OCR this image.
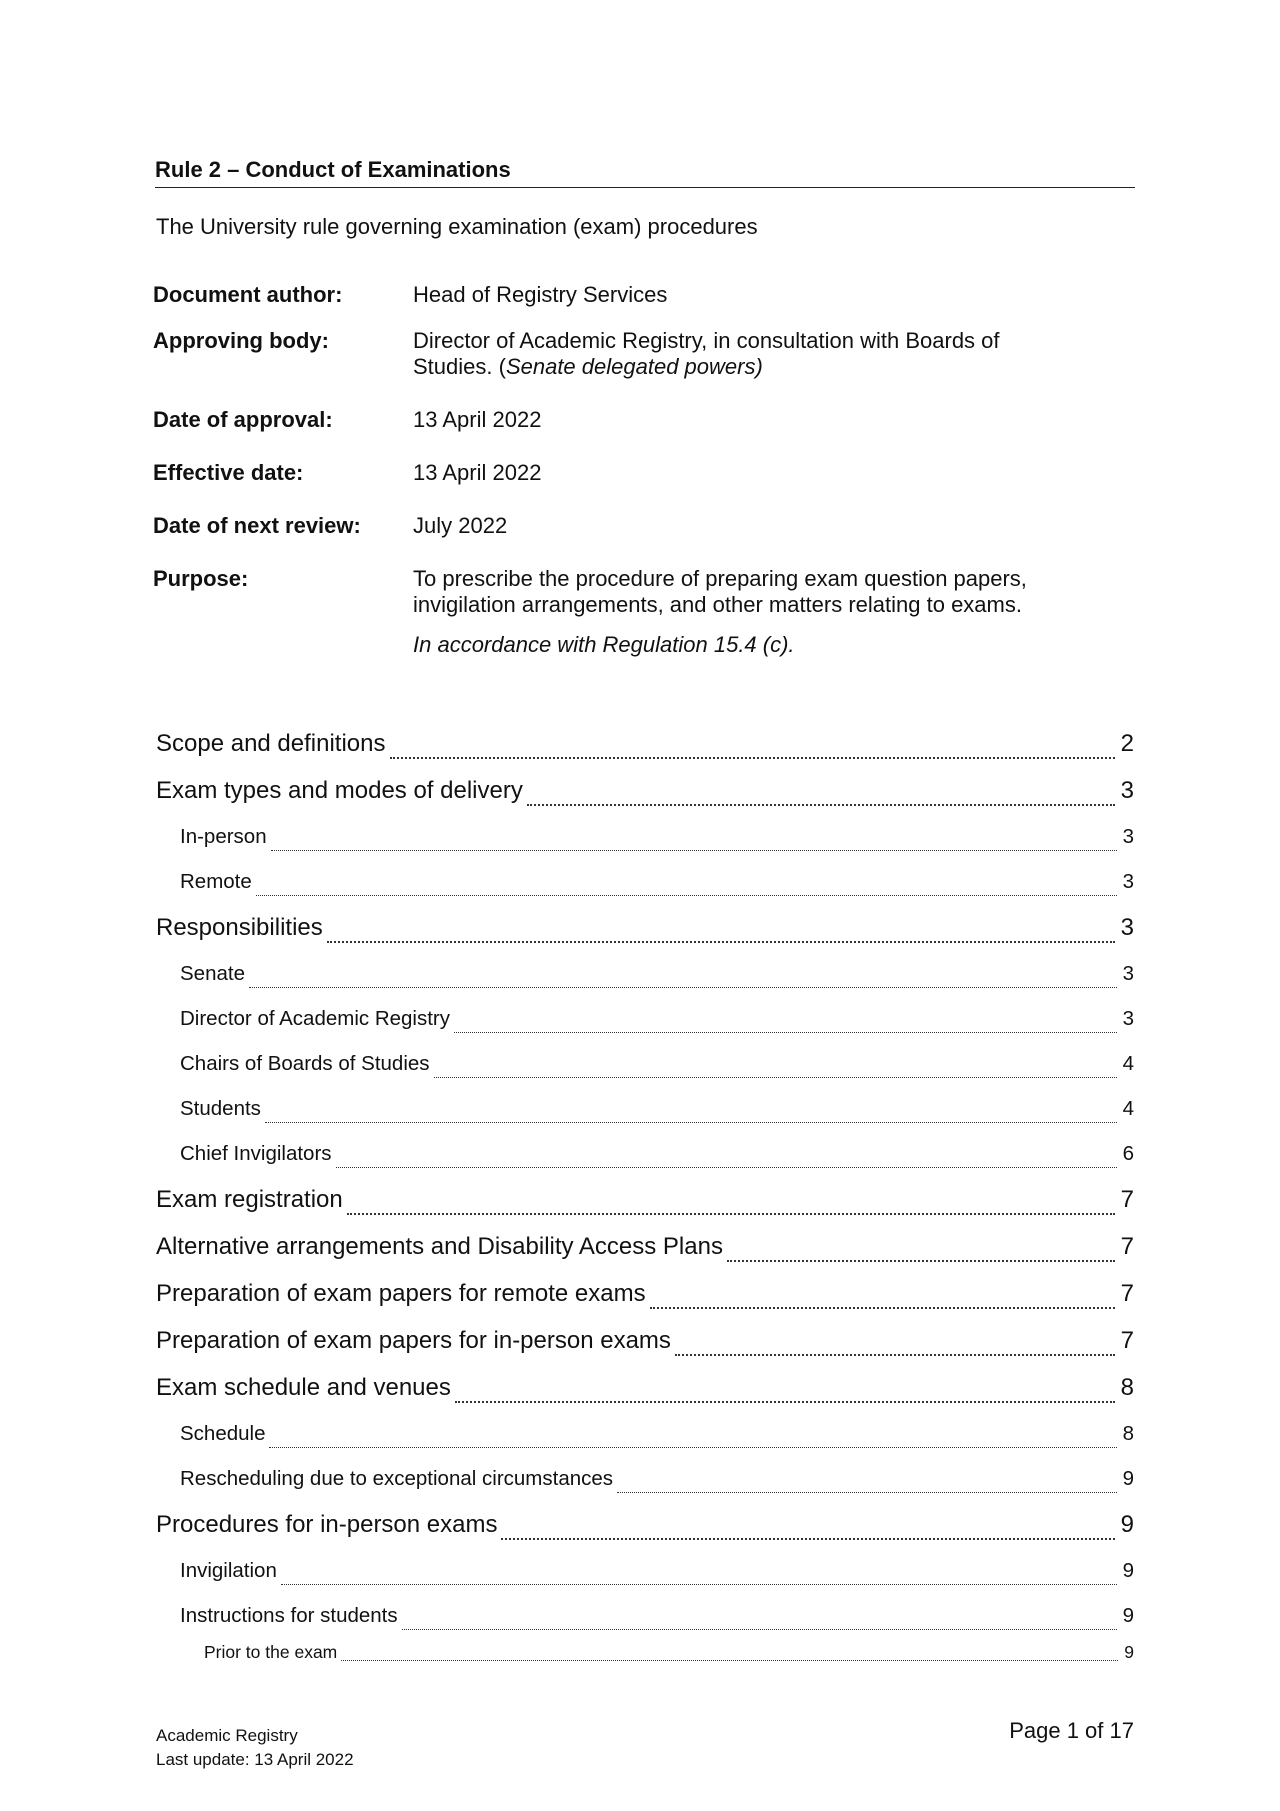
Rule 2 – Conduct of Examinations
The University rule governing examination (exam) procedures
Document author:	Head of Registry Services
Approving body:	Director of Academic Registry, in consultation with Boards of
Studies. (Senate delegated powers)
Date of approval:	13 April 2022
Effective date:	13 April 2022
Date of next review:	July 2022
Purpose:	To prescribe the procedure of preparing exam question papers,
invigilation arrangements, and other matters relating to exams.
In accordance with Regulation 15.4 (c).
Scope and definitions	2
Exam types and modes of delivery	3
In-person	3
Remote	3
Responsibilities	3
Senate	3
Director of Academic Registry	3
Chairs of Boards of Studies	4
Students	4
Chief Invigilators	6
Exam registration	7
Alternative arrangements and Disability Access Plans	7
Preparation of exam papers for remote exams	7
Preparation of exam papers for in-person exams	7
Exam schedule and venues	8
Schedule	8
Rescheduling due to exceptional circumstances	9
Procedures for in-person exams	9
Invigilation	9
Instructions for students	9
Prior to the exam	9
Academic Registry
Last update: 13 April 2022
Page 1 of 17
